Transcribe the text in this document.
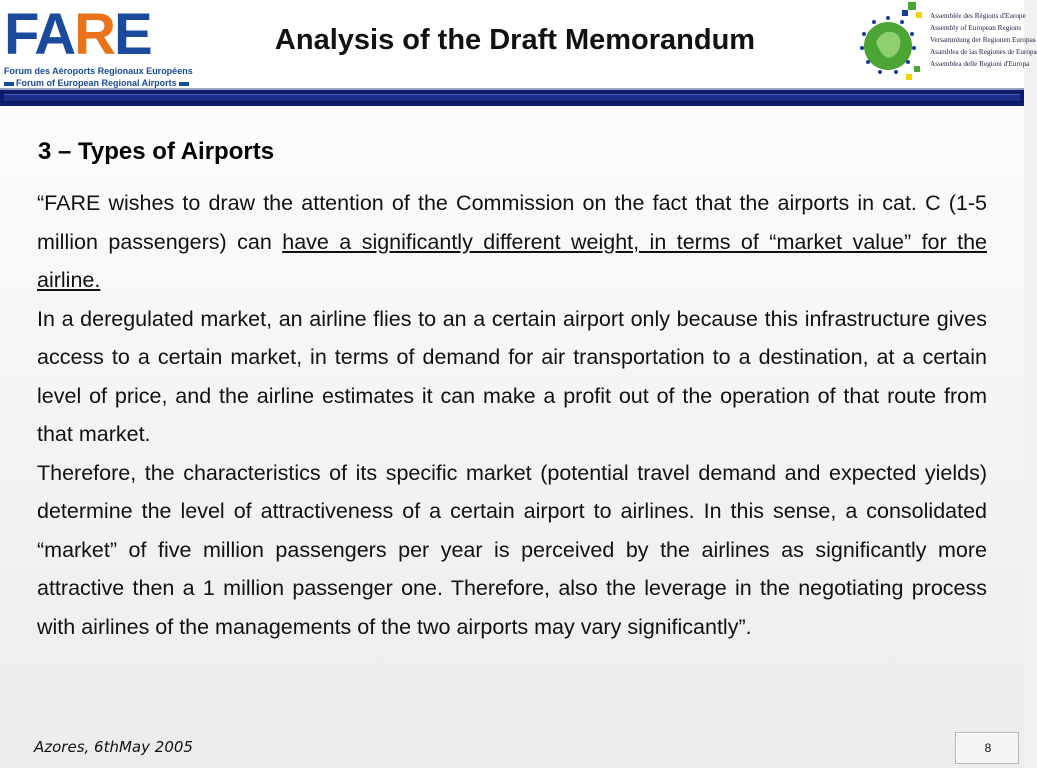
FARE
Forum des Aéroports Regionaux Européens
Forum of European Regional Airports
Analysis of the Draft Memorandum
Assemblée des Régions d'Europe
Assembly of European Regions
Versammlung der Regionen Europas
Asamblea de las Regiones de Europa
Assemblea delle Regioni d'Europa
3 – Types of Airports

“FARE wishes to draw the attention of the Commission on the fact that the airports in cat. C (1-5 million passengers) can have a significantly different weight, in terms of “market value” for the airline.

In a deregulated market, an airline flies to an a certain airport only because this infrastructure gives access to a certain market, in terms of demand for air transportation to a destination, at a certain level of price, and the airline estimates it can make a profit out of the operation of that route from that market.

Therefore, the characteristics of its specific market (potential travel demand and expected yields) determine the level of attractiveness of a certain airport to airlines. In this sense, a consolidated “market” of five million passengers per year is perceived by the airlines as significantly more attractive then a 1 million passenger one. Therefore, also the leverage in the negotiating process with airlines of the managements of the two airports may vary significantly”.

Azores, 6thMay 2005	8
